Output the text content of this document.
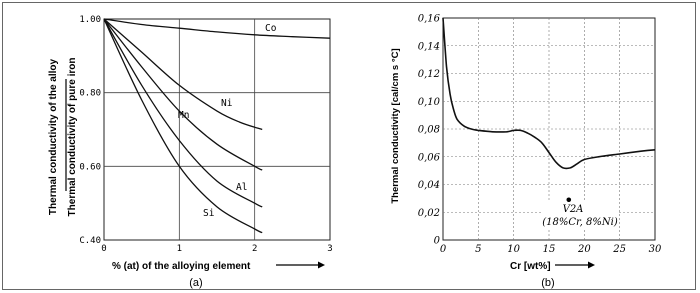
0	1	2	3
1.00
0.80
0.60
C.40
Co
Ni
Mn
Al
Si
Thermal conductivity of the alloy Thermal conductivity of pure iron
% (at) of the alloying element
(a)
0	5	10 15 20 25 30
0
0,02
0,04
0,06
0,08
0,10
0,12
0,14
0,16
Thermal conductivity [cal/cm s °C]
Cr [wt%]
V2A
(18%Cr, 8%Ni)
(b)
